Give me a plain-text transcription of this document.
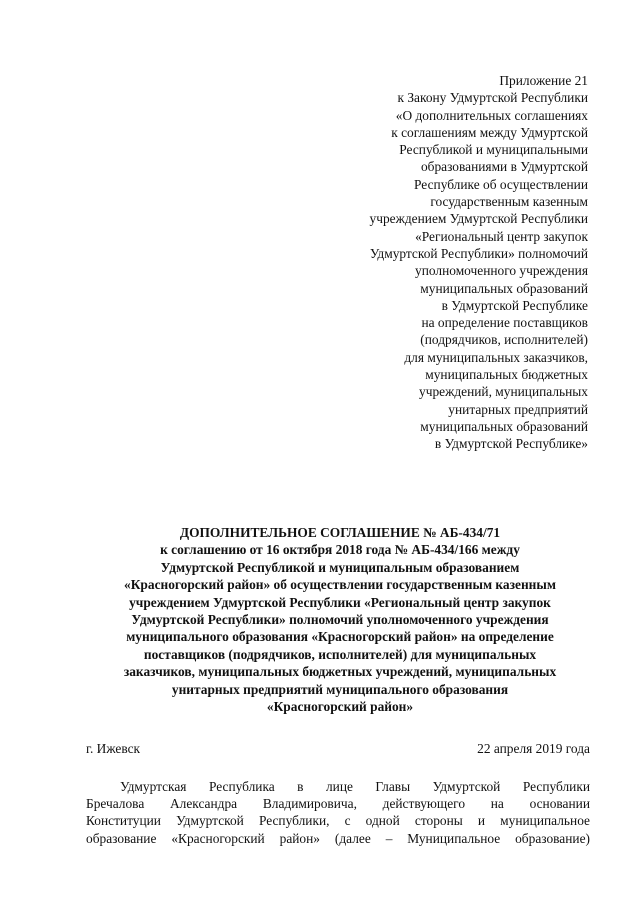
Приложение 21
к Закону Удмуртской Республики
«О дополнительных соглашениях
к соглашениям между Удмуртской
Республикой и муниципальными
образованиями в Удмуртской
Республике об осуществлении
государственным казенным
учреждением Удмуртской Республики
«Региональный центр закупок
Удмуртской Республики» полномочий
уполномоченного учреждения
муниципальных образований
в Удмуртской Республике
на определение поставщиков
(подрядчиков, исполнителей)
для муниципальных заказчиков,
муниципальных бюджетных
учреждений, муниципальных
унитарных предприятий
муниципальных образований
в Удмуртской Республике»
ДОПОЛНИТЕЛЬНОЕ СОГЛАШЕНИЕ № АБ-434/71
к соглашению от 16 октября 2018 года № АБ-434/166 между
Удмуртской Республикой и муниципальным образованием
«Красногорский район» об осуществлении государственным казенным
учреждением Удмуртской Республики «Региональный центр закупок
Удмуртской Республики» полномочий уполномоченного учреждения
муниципального образования «Красногорский район» на определение
поставщиков (подрядчиков, исполнителей) для муниципальных
заказчиков, муниципальных бюджетных учреждений, муниципальных
унитарных предприятий муниципального образования
«Красногорский район»
г. Ижевск	22 апреля 2019 года
Удмуртская Республика в лице Главы Удмуртской Республики
Бречалова Александра Владимировича, действующего на основании
Конституции Удмуртской Республики, с одной стороны и муниципальное
образование «Красногорский район» (далее – Муниципальное образование)
